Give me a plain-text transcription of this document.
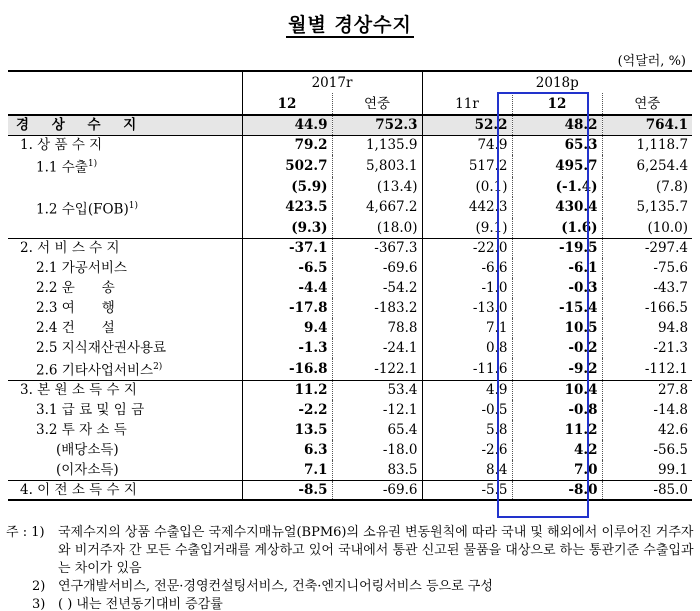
월별 경상수지
(억달러, %)
	2017r		2018p		
	12	연중	11r	12	연중
경 상 수 지	44.9	752.3	52.2	48.2	764.1
1. 상 품 수 지	79.2	1,135.9	74.9	65.3	1,118.7
1.1 수출$^{1)}$	502.7	5,803.1	517.2	495.7	6,254.4
	(5.9)	(13.4)	(0.1)	(-1.4)	(7.8)
1.2 수입(FOB)$^{1)}$	423.5	4,667.2	442.3	430.4	5,135.7
	(9.3)	(18.0)	(9.1)	(1.6)	(10.0)
2. 서 비 스 수 지	-37.1	-367.3	-22.0	-19.5	-297.4
2.1 가공서비스	-6.5	-69.6	-6.6	-6.1	-75.6
2.2 운　　송	-4.4	-54.2	-1.0	-0.3	-43.7
2.3 여　　행	-17.8	-183.2	-13.0	-15.4	-166.5
2.4 건　　설	9.4	78.8	7.1	10.5	94.8
2.5 지식재산권사용료	-1.3	-24.1	0.8	-0.2	-21.3
2.6 기타사업서비스$^{2)}$	-16.8	-122.1	-11.6	-9.2	-112.1
3. 본 원 소 득 수 지	11.2	53.4	4.9	10.4	27.8
3.1 급 료 및 임 금	-2.2	-12.1	-0.5	-0.8	-14.8
3.2 투 자 소 득	13.5	65.4	5.8	11.2	42.6
(배당소득)	6.3	-18.0	-2.6	4.2	-56.5
(이자소득)	7.1	83.5	8.4	7.0	99.1
4. 이 전 소 득 수 지	-8.5	-69.6	-5.5	-8.0	-85.0
주 : 1) 국제수지의 상품 수출입은 국제수지매뉴얼(BPM6)의 소유권 변동원칙에 따라 국내 및 해외에서 이루어진 거주자와 비거주자 간 모든 수출입거래를 계상하고 있어 국내에서 통관 신고된 물품을 대상으로 하는 통관기준 수출입과는 차이가 있음
2) 연구개발서비스, 전문·경영컨설팅서비스, 건축·엔지니어링서비스 등으로 구성
3) ( ) 내는 전년동기대비 증감률
